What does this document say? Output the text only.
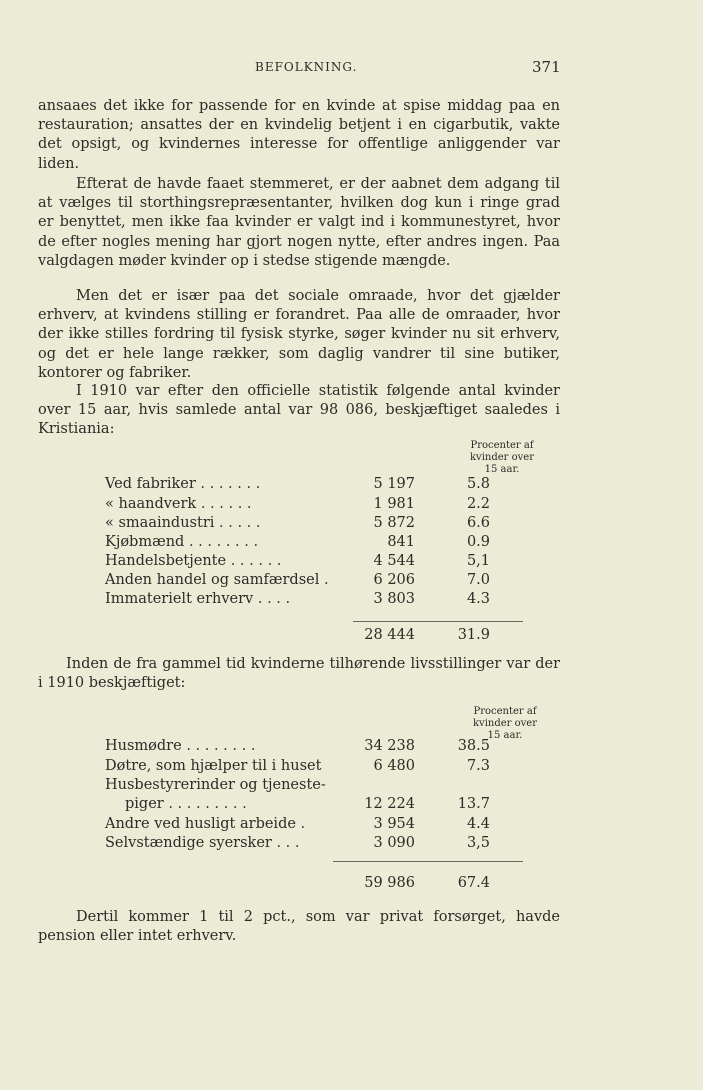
BEFOLKNING.	371
ansaaes det ikke for passende for en kvinde at spise middag paa en restauration; ansattes der en kvindelig betjent i en cigarbutik, vakte det opsigt, og kvindernes interesse for offentlige anliggender var liden.
Efterat de havde faaet stemmeret, er der aabnet dem adgang til at vælges til storthingsrepræsentanter, hvilken dog kun i ringe grad er benyttet, men ikke faa kvinder er valgt ind i kommunestyret, hvor de efter nogles mening har gjort nogen nytte, efter andres ingen. Paa valgdagen møder kvinder op i stedse stigende mængde.
Men det er især paa det sociale omraade, hvor det gjælder erhverv, at kvindens stilling er forandret. Paa alle de omraader, hvor der ikke stilles fordring til fysisk styrke, søger kvinder nu sit erhverv, og det er hele lange rækker, som daglig vandrer til sine butiker, kontorer og fabriker.
I 1910 var efter den officielle statistik følgende antal kvinder over 15 aar, hvis samlede antal var 98 086, beskjæftiget saaledes i Kristiania:
Procenter af
kvinder over
15 aar.
Ved fabriker . . . . . . .	5 197	5.8
« haandverk . . . . . .	1 981	2.2
« smaaindustri . . . . .	5 872	6.6
Kjøbmænd . . . . . . . .	841	0.9
Handelsbetjente . . . . . .	4 544	5,1
Anden handel og samfærdsel .	6 206	7.0
Immaterielt erhverv . . . .	3 803	4.3
28 444	31.9
Inden de fra gammel tid kvinderne tilhørende livsstillinger var der i 1910 beskjæftiget:
Procenter af
kvinder over
15 aar.
Husmødre . . . . . . . .	34 238	38.5
Døtre, som hjælper til i huset	6 480	7.3
Husbestyrerinder og tjeneste-
piger . . . . . . . . .	12 224	13.7
Andre ved husligt arbeide .	3 954	4.4
Selvstændige syersker . . .	3 090	3,5
59 986	67.4
Dertil kommer 1 til 2 pct., som var privat forsørget, havde pension eller intet erhverv.
